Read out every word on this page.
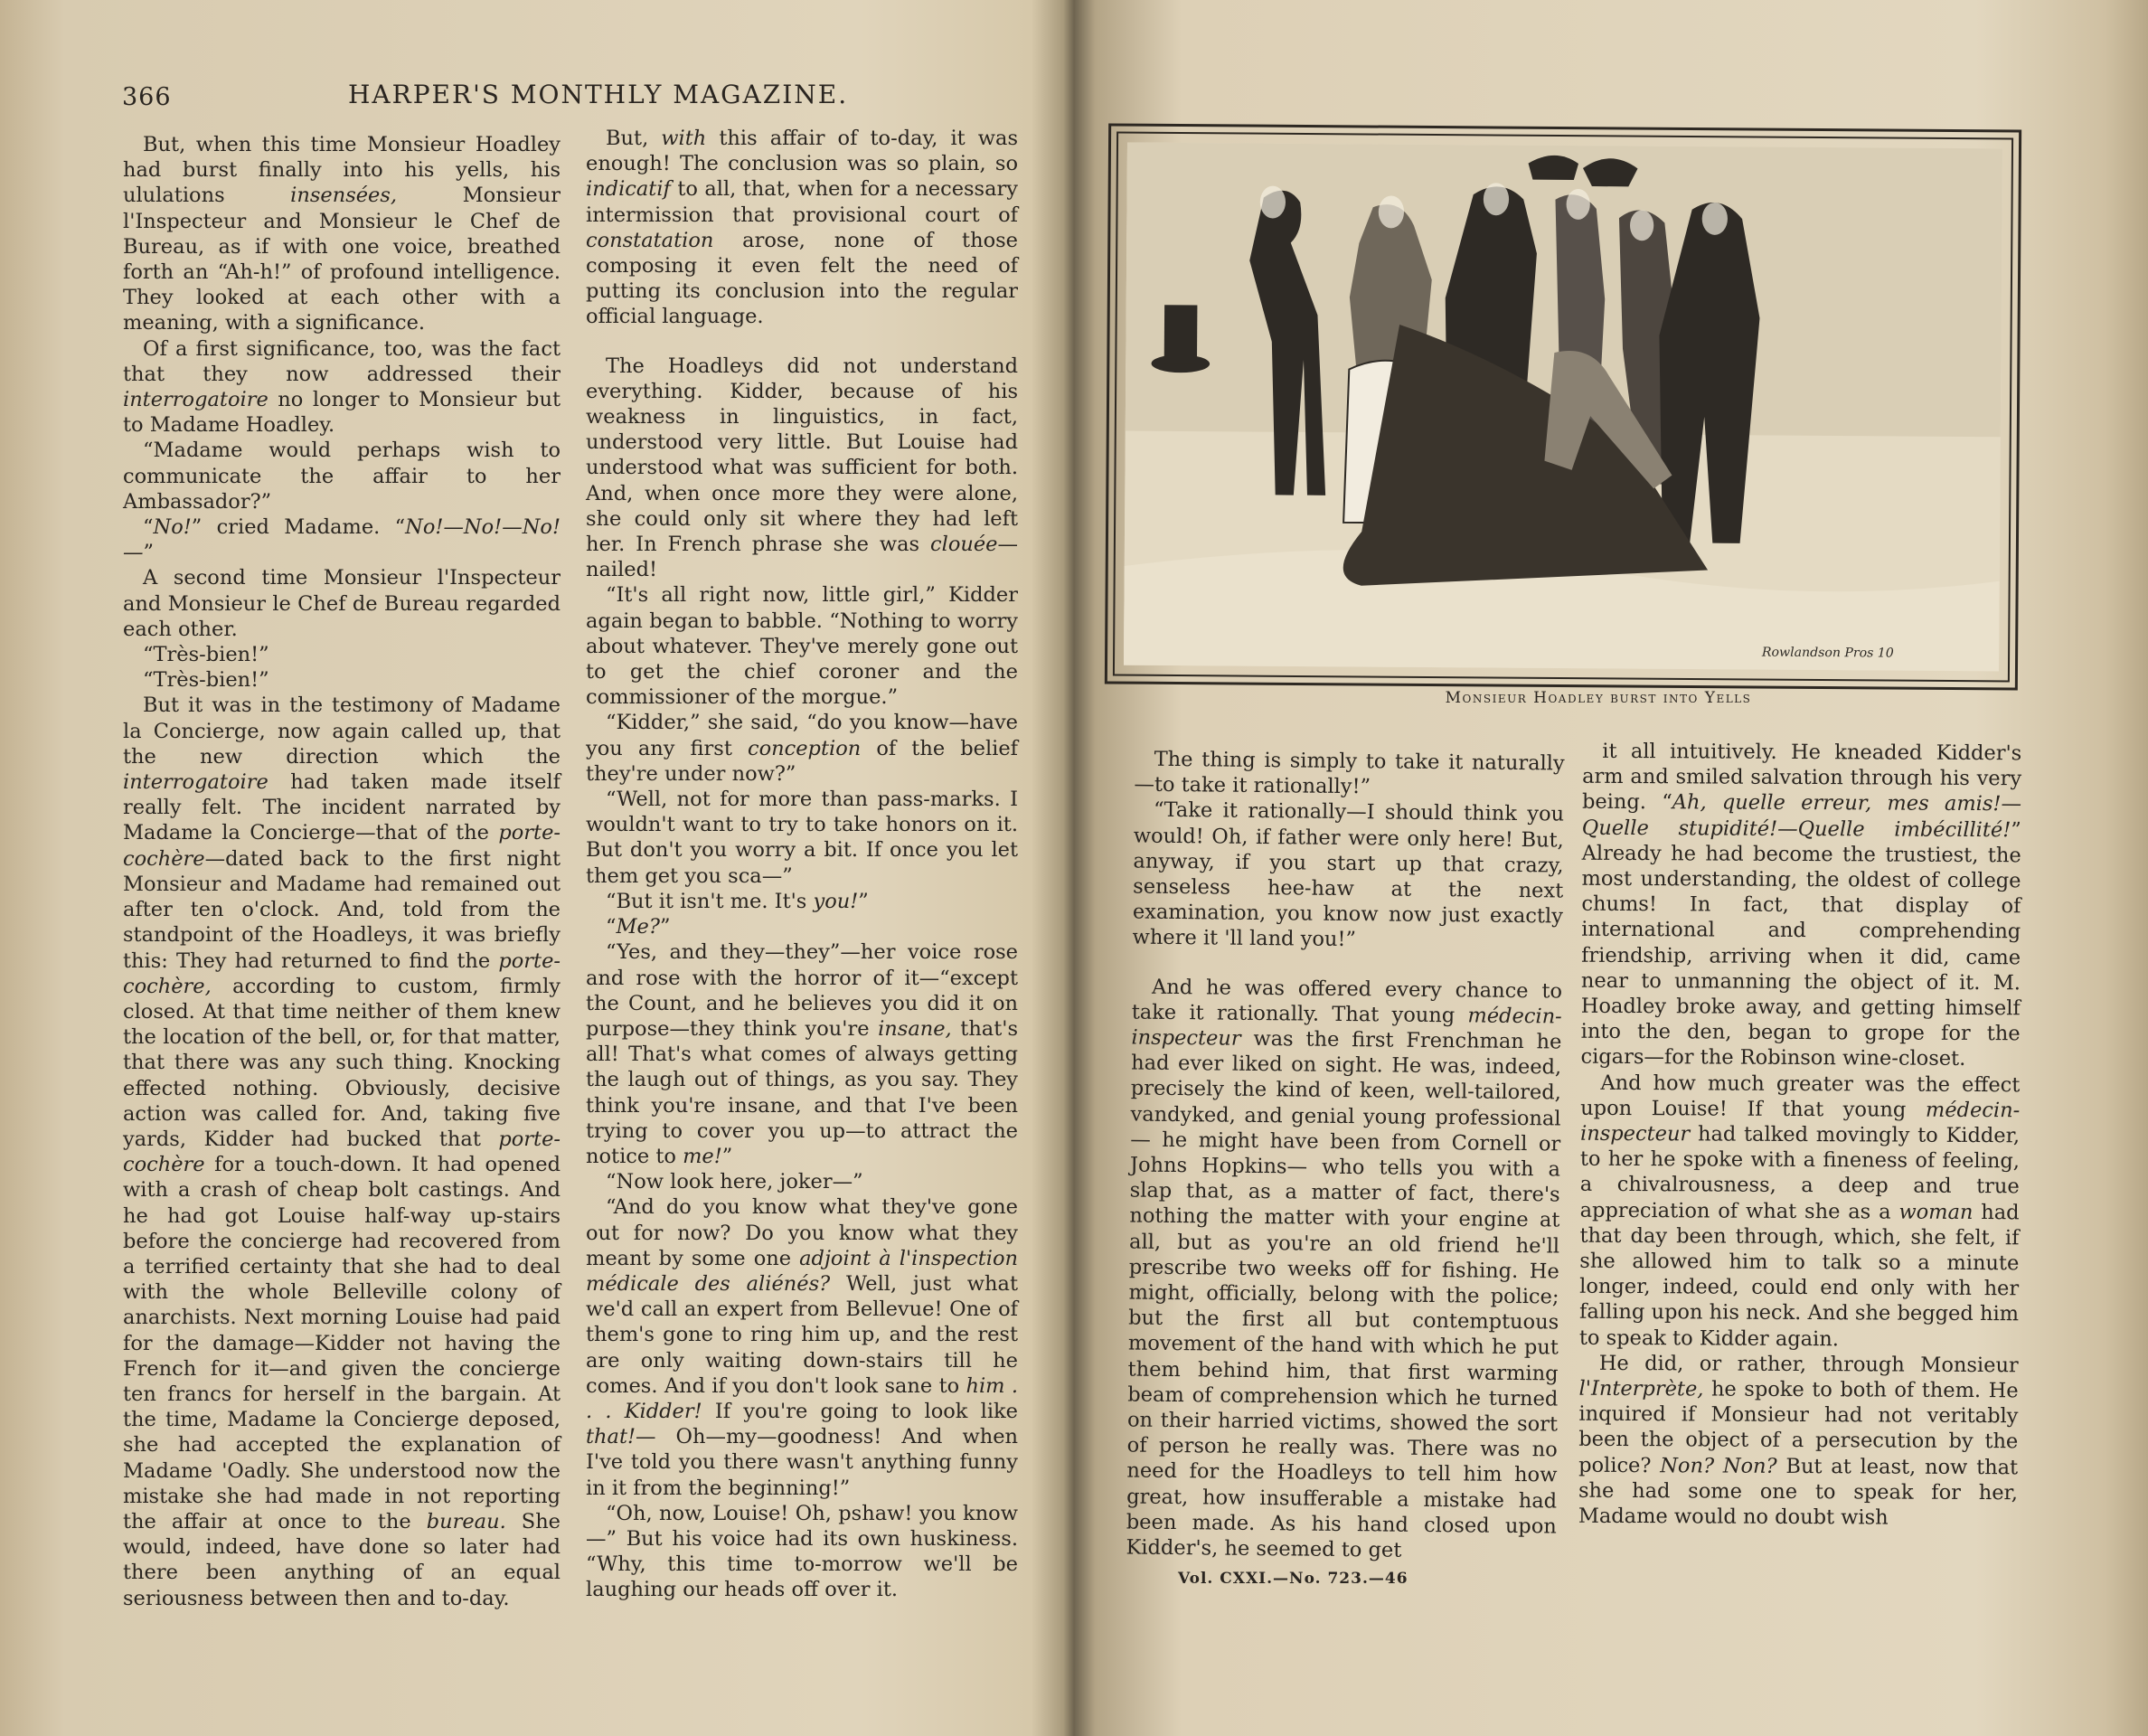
366	HARPER'S MONTHLY MAGAZINE.

But, when this time Monsieur Hoadley had burst finally into his yells, his ululations insensées, Monsieur l'Inspecteur and Monsieur le Chef de Bureau, as if with one voice, breathed forth an “Ah-h!” of profound intelligence. They looked at each other with a meaning, with a significance.

Of a first significance, too, was the fact that they now addressed their interrogatoire no longer to Monsieur but to Madame Hoadley.

“Madame would perhaps wish to communicate the affair to her Ambassador?”

“No!” cried Madame. “No!—No!—No!—”

A second time Monsieur l'Inspecteur and Monsieur le Chef de Bureau regarded each other.

“Très-bien!”

“Très-bien!”

But it was in the testimony of Madame la Concierge, now again called up, that the new direction which the interrogatoire had taken made itself really felt. The incident narrated by Madame la Concierge—that of the porte-cochère—dated back to the first night Monsieur and Madame had remained out after ten o'clock. And, told from the standpoint of the Hoadleys, it was briefly this: They had returned to find the porte-cochère, according to custom, firmly closed. At that time neither of them knew the location of the bell, or, for that matter, that there was any such thing. Knocking effected nothing. Obviously, decisive action was called for. And, taking five yards, Kidder had bucked that porte-cochère for a touch-down. It had opened with a crash of cheap bolt castings. And he had got Louise half-way up-stairs before the concierge had recovered from a terrified certainty that she had to deal with the whole Belleville colony of anarchists. Next morning Louise had paid for the damage—Kidder not having the French for it—and given the concierge ten francs for herself in the bargain. At the time, Madame la Concierge deposed, she had accepted the explanation of Madame 'Oadly. She understood now the mistake she had made in not reporting the affair at once to the bureau. She would, indeed, have done so later had there been anything of an equal seriousness between then and to-day.

But, with this affair of to-day, it was enough! The conclusion was so plain, so indicatif to all, that, when for a necessary intermission that provisional court of constatation arose, none of those composing it even felt the need of putting its conclusion into the regular official language.

The Hoadleys did not understand everything. Kidder, because of his weakness in linguistics, in fact, understood very little. But Louise had understood what was sufficient for both. And, when once more they were alone, she could only sit where they had left her. In French phrase she was clouée—nailed!

“It's all right now, little girl,” Kidder again began to babble. “Nothing to worry about whatever. They've merely gone out to get the chief coroner and the commissioner of the morgue.”

“Kidder,” she said, “do you know—have you any first conception of the belief they're under now?”

“Well, not for more than pass-marks. I wouldn't want to try to take honors on it. But don't you worry a bit. If once you let them get you sca—”

“But it isn't me. It's you!”

“Me?”

“Yes, and they—they”—her voice rose and rose with the horror of it—“except the Count, and he believes you did it on purpose—they think you're insane, that's all! That's what comes of always getting the laugh out of things, as you say. They think you're insane, and that I've been trying to cover you up—to attract the notice to me!”

“Now look here, joker—”

“And do you know what they've gone out for now? Do you know what they meant by some one adjoint à l'inspection médicale des aliénés? Well, just what we'd call an expert from Bellevue! One of them's gone to ring him up, and the rest are only waiting down-stairs till he comes. And if you don't look sane to him . . . Kidder! If you're going to look like that!— Oh—my—goodness! And when I've told you there wasn't anything funny in it from the beginning!”

“Oh, now, Louise! Oh, pshaw! you know—” But his voice had its own huskiness. “Why, this time to-morrow we'll be laughing our heads off over it.

Rowlandson Pros 10
Monsieur Hoadley burst into Yells

The thing is simply to take it naturally—to take it rationally!”

“Take it rationally—I should think you would! Oh, if father were only here! But, anyway, if you start up that crazy, senseless hee-haw at the next examination, you know now just exactly where it 'll land you!”

And he was offered every chance to take it rationally. That young médecin-inspecteur was the first Frenchman he had ever liked on sight. He was, indeed, precisely the kind of keen, well-tailored, vandyked, and genial young professional — he might have been from Cornell or Johns Hopkins— who tells you with a slap that, as a matter of fact, there's nothing the matter with your engine at all, but as you're an old friend he'll prescribe two weeks off for fishing. He might, officially, belong with the police; but the first all but contemptuous movement of the hand with which he put them behind him, that first warming beam of comprehension which he turned on their harried victims, showed the sort of person he really was. There was no need for the Hoadleys to tell him how great, how insufferable a mistake had been made. As his hand closed upon Kidder's, he seemed to get

it all intuitively. He kneaded Kidder's arm and smiled salvation through his very being. “Ah, quelle erreur, mes amis!—Quelle stupidité!—Quelle imbécillité!” Already he had become the trustiest, the most understanding, the oldest of college chums! In fact, that display of international and comprehending friendship, arriving when it did, came near to unmanning the object of it. M. Hoadley broke away, and getting himself into the den, began to grope for the cigars—for the Robinson wine-closet.

And how much greater was the effect upon Louise! If that young médecin-inspecteur had talked movingly to Kidder, to her he spoke with a fineness of feeling, a chivalrousness, a deep and true appreciation of what she as a woman had that day been through, which, she felt, if she allowed him to talk so a minute longer, indeed, could end only with her falling upon his neck. And she begged him to speak to Kidder again.

He did, or rather, through Monsieur l'Interprète, he spoke to both of them. He inquired if Monsieur had not veritably been the object of a persecution by the police? Non? Non? But at least, now that she had some one to speak for her, Madame would no doubt wish

Vol. CXXI.—No. 723.—46
